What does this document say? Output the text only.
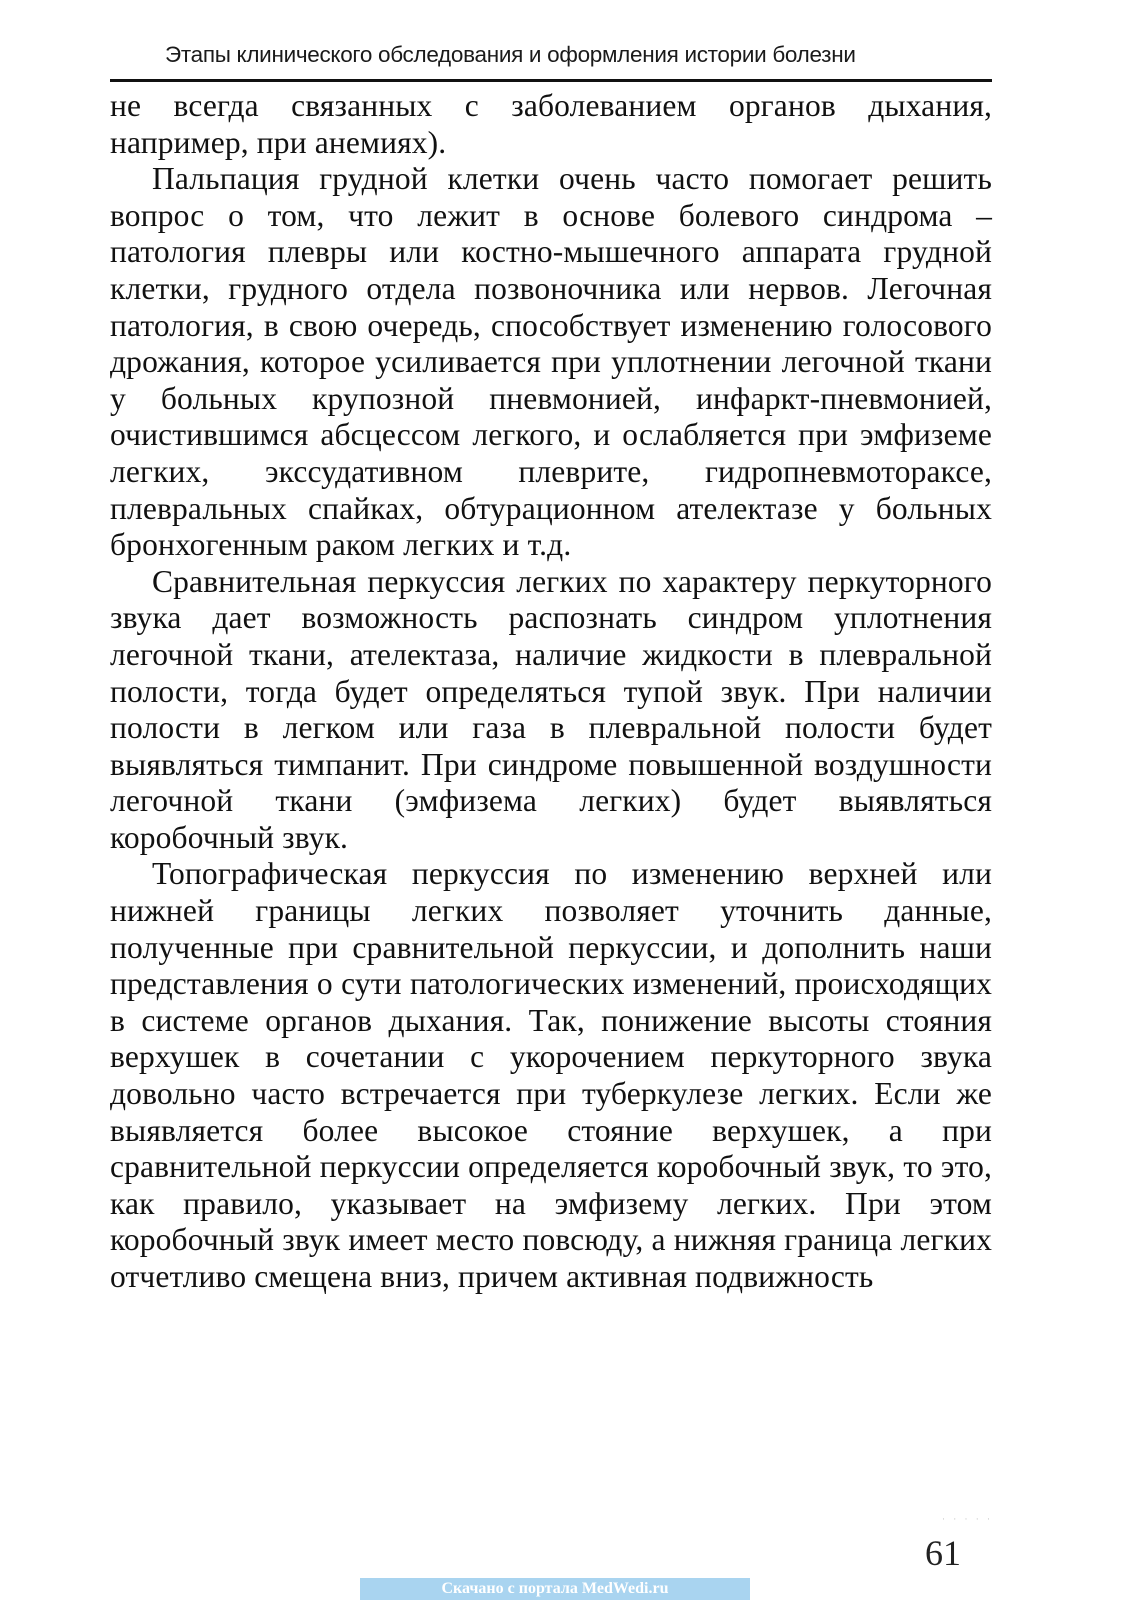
Этапы клинического обследования и оформления истории болезни

не всегда связанных с заболеванием органов дыхания, например, при анемиях).

Пальпация грудной клетки очень часто помогает решить вопрос о том, что лежит в основе болевого синдрома – патология плевры или костно-мышечного аппарата грудной клетки, грудного отдела позвоночника или нервов. Легочная патология, в свою очередь, способствует изменению голосового дрожания, которое усиливается при уплотнении легочной ткани у больных крупозной пневмонией, инфаркт-пневмонией, очистившимся абсцессом легкого, и ослабляется при эмфиземе легких, экссудативном плеврите, гидропневмотораксе, плевральных спайках, обтурационном ателектазе у больных бронхогенным раком легких и т.д.

Сравнительная перкуссия легких по характеру перкуторного звука дает возможность распознать синдром уплотнения легочной ткани, ателектаза, наличие жидкости в плевральной полости, тогда будет определяться тупой звук. При наличии полости в легком или газа в плевральной полости будет выявляться тимпанит. При синдроме повышенной воздушности легочной ткани (эмфизема легких) будет выявляться коробочный звук.

Топографическая перкуссия по изменению верхней или нижней границы легких позволяет уточнить данные, полученные при сравнительной перкуссии, и дополнить наши представления о сути патологических изменений, происходящих в системе органов дыхания. Так, понижение высоты стояния верхушек в сочетании с укорочением перкуторного звука довольно часто встречается при туберкулезе легких. Если же выявляется более высокое стояние верхушек, а при сравнительной перкуссии определяется коробочный звук, то это, как правило, указывает на эмфизему легких. При этом коробочный звук имеет место повсюду, а нижняя граница легких отчетливо смещена вниз, причем активная подвижность

· · · · ·
61
Скачано с портала MedWedi.ru
